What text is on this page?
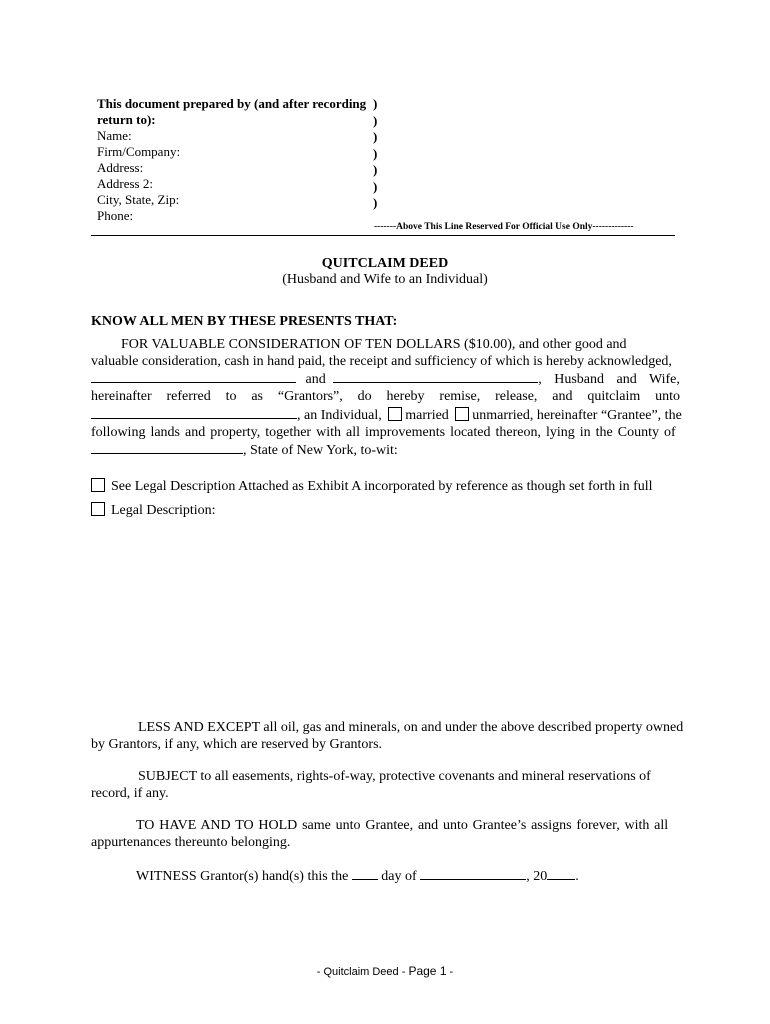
This document prepared by (and after recording
return to):
Name:
Firm/Company:
Address:
Address 2:
City, State, Zip:
Phone:
)
)
)
)
)
)
)
-------Above This Line Reserved For Official Use Only-------------
QUITCLAIM DEED
(Husband and Wife to an Individual)
KNOW ALL MEN BY THESE PRESENTS THAT:
FOR VALUABLE CONSIDERATION OF TEN DOLLARS ($10.00), and other good and
valuable consideration, cash in hand paid, the receipt and sufficiency of which is hereby acknowledged,
and	, Husband and Wife,
hereinafter referred to as “Grantors”, do hereby remise, release, and quitclaim unto
, an Individual, married unmarried, hereinafter “Grantee”, the
following lands and property, together with all improvements located thereon, lying in the County of
, State of New York, to-wit:
See Legal Description Attached as Exhibit A incorporated by reference as though set forth in full
Legal Description:
LESS AND EXCEPT all oil, gas and minerals, on and under the above described property owned
by Grantors, if any, which are reserved by Grantors.
SUBJECT to all easements, rights-of-way, protective covenants and mineral reservations of
record, if any.
TO HAVE AND TO HOLD same unto Grantee, and unto Grantee’s assigns forever, with all
appurtenances thereunto belonging.
WITNESS Grantor(s) hand(s) this the day of	, 20 .
- Quitclaim Deed - Page 1 -
